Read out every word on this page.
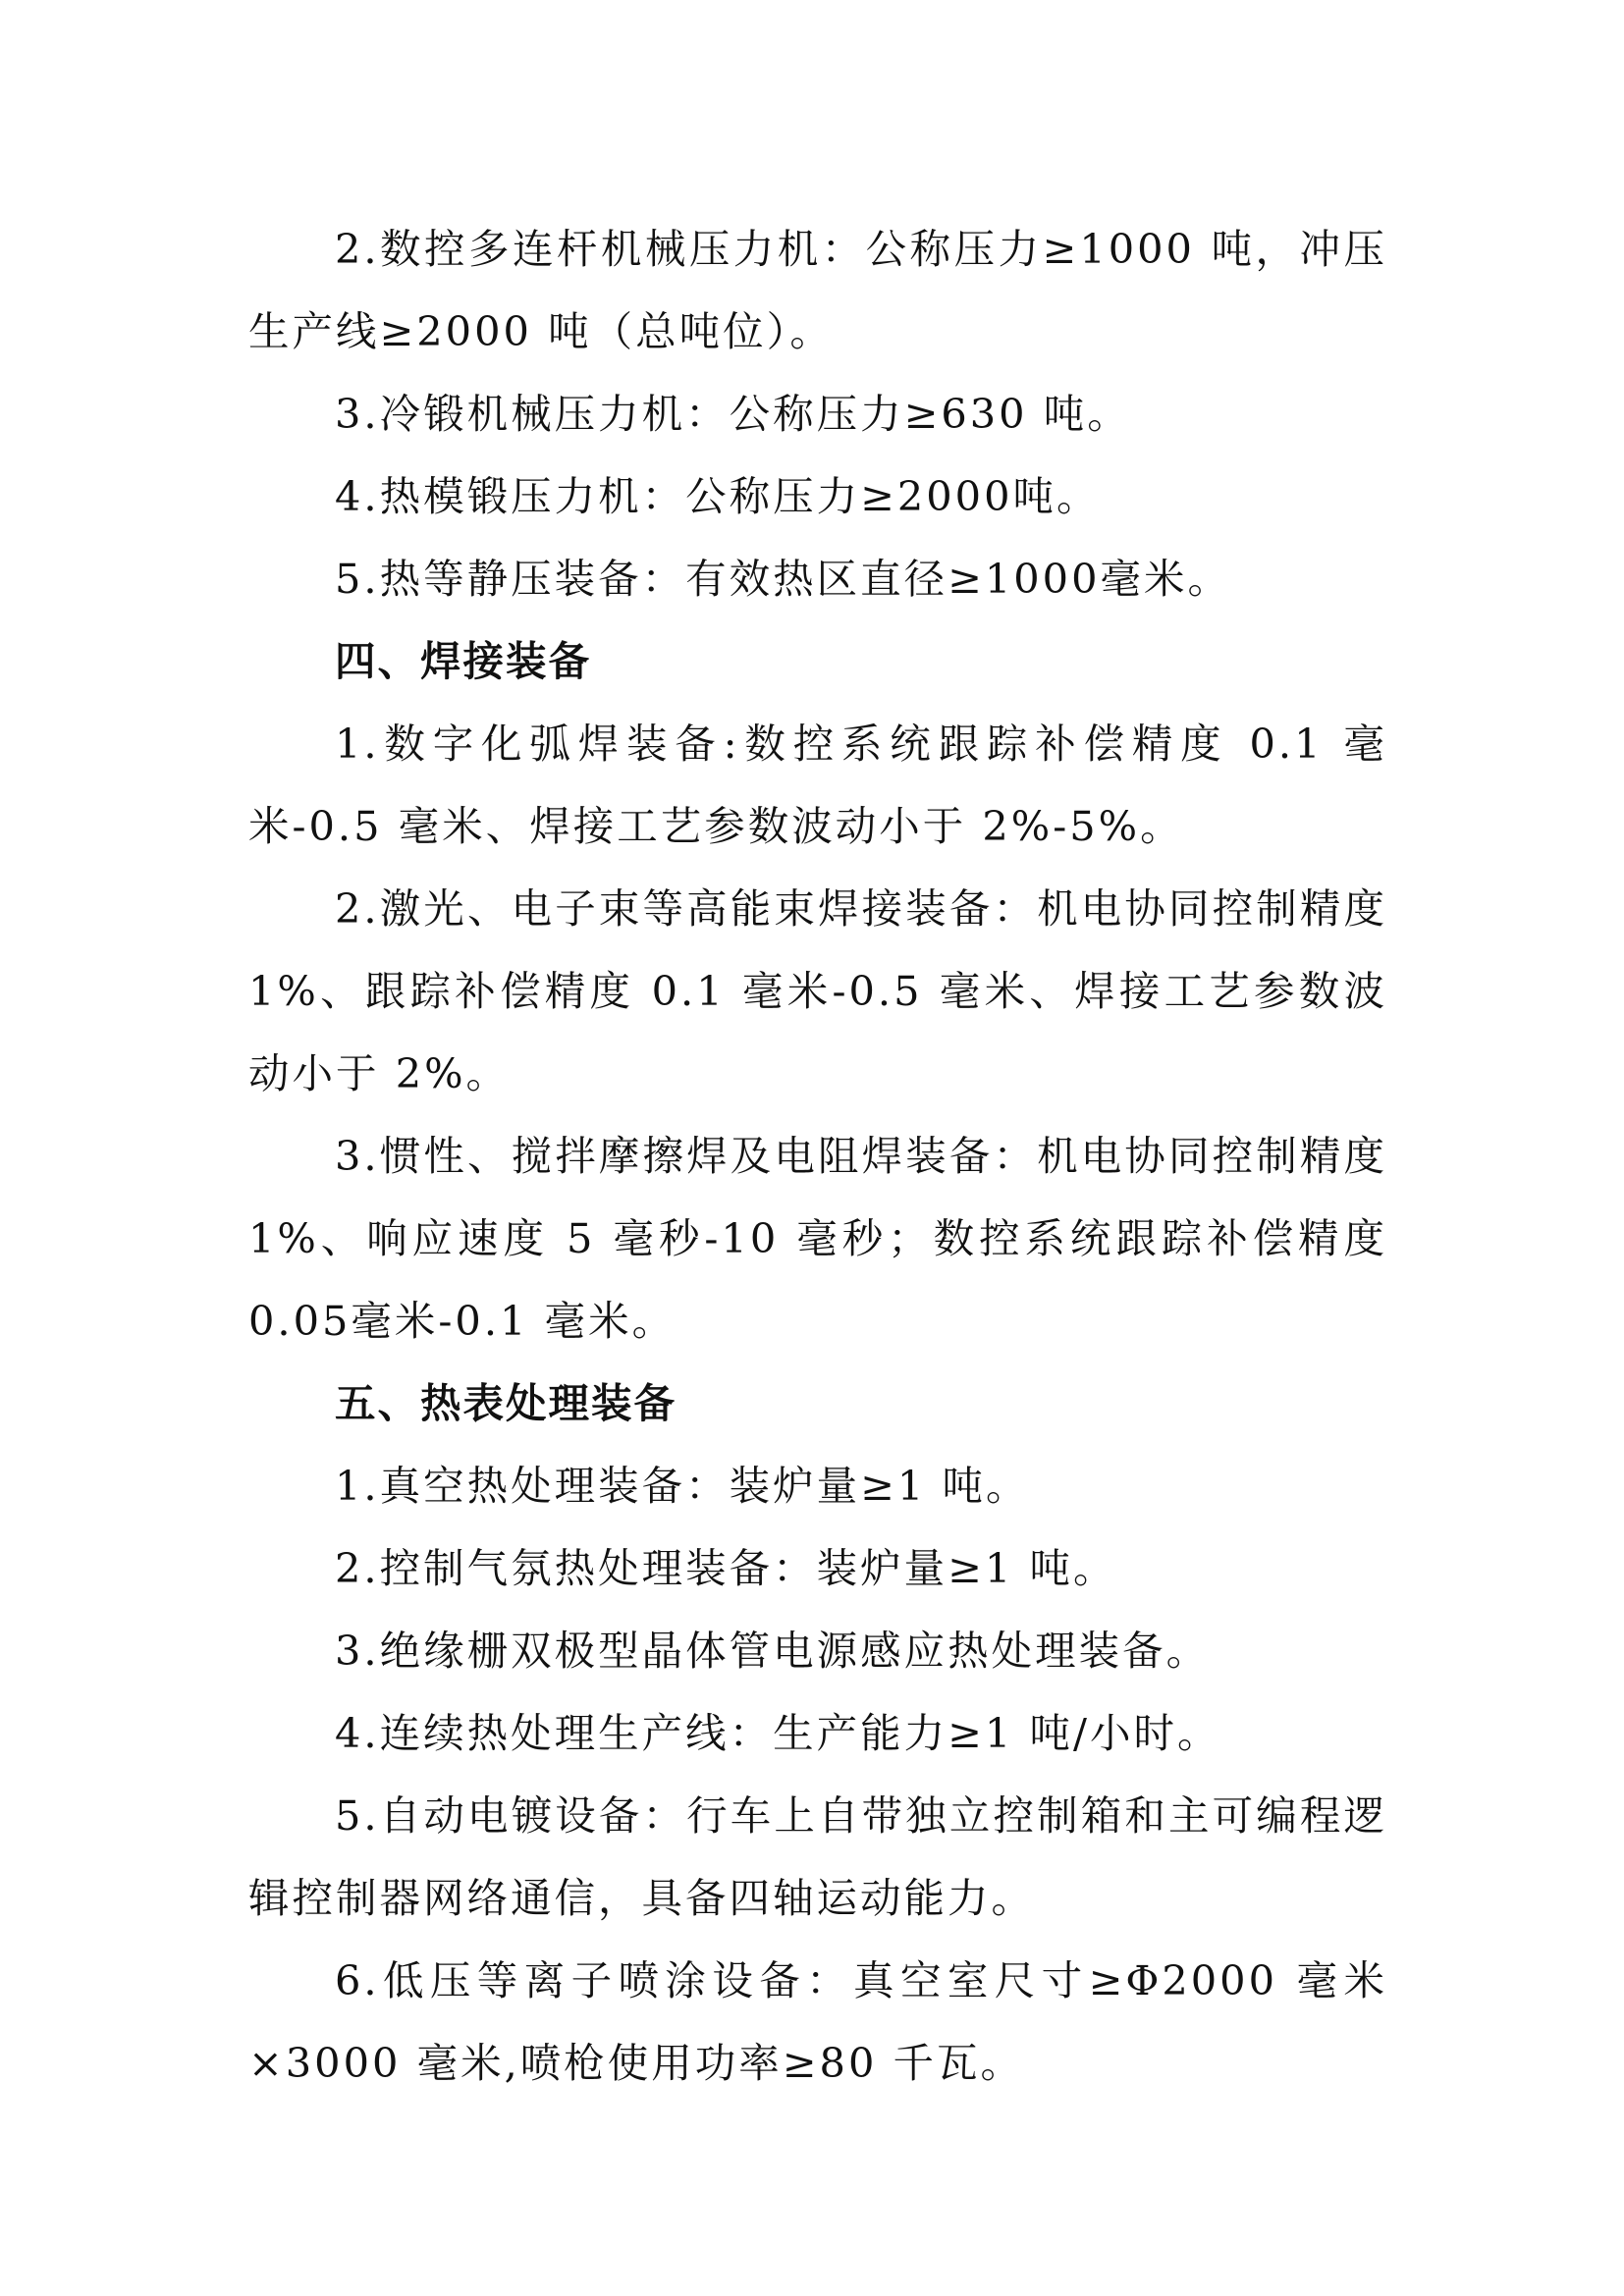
2.数控多连杆机械压力机：公称压力≥1000 吨，冲压生产线≥2000 吨（总吨位）。

3.冷锻机械压力机：公称压力≥630 吨。

4.热模锻压力机：公称压力≥2000吨。

5.热等静压装备：有效热区直径≥1000毫米。

四、焊接装备

1.数字化弧焊装备:数控系统跟踪补偿精度 0.1 毫米-0.5 毫米、焊接工艺参数波动小于 2%-5%。

2.激光、电子束等高能束焊接装备：机电协同控制精度1%、跟踪补偿精度 0.1 毫米-0.5 毫米、焊接工艺参数波动小于 2%。

3.惯性、搅拌摩擦焊及电阻焊装备：机电协同控制精度1%、响应速度 5 毫秒-10 毫秒；数控系统跟踪补偿精度 0.05毫米-0.1 毫米。

五、热表处理装备

1.真空热处理装备：装炉量≥1 吨。

2.控制气氛热处理装备：装炉量≥1 吨。

3.绝缘栅双极型晶体管电源感应热处理装备。

4.连续热处理生产线：生产能力≥1 吨/小时。

5.自动电镀设备：行车上自带独立控制箱和主可编程逻辑控制器网络通信，具备四轴运动能力。

6.低压等离子喷涂设备：真空室尺寸≥Φ2000 毫米×3000 毫米,喷枪使用功率≥80 千瓦。
